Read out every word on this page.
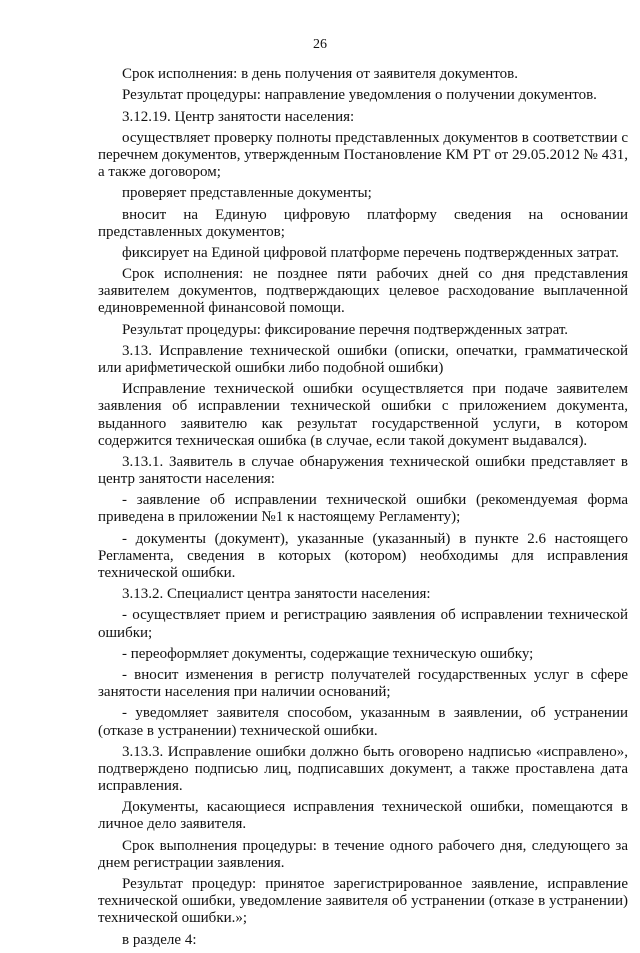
26

Срок исполнения: в день получения от заявителя документов.

Результат процедуры: направление уведомления о получении документов.

3.12.19. Центр занятости населения:

осуществляет проверку полноты представленных документов в соответствии с перечнем документов, утвержденным Постановление КМ РТ от 29.05.2012 № 431, а также договором;

проверяет представленные документы;

вносит на Единую цифровую платформу сведения на основании представленных документов;

фиксирует на Единой цифровой платформе перечень подтвержденных затрат.

Срок исполнения: не позднее пяти рабочих дней со дня представления заявителем документов, подтверждающих целевое расходование выплаченной единовременной финансовой помощи.

Результат процедуры: фиксирование перечня подтвержденных затрат.

3.13. Исправление технической ошибки (описки, опечатки, грамматической или арифметической ошибки либо подобной ошибки)

Исправление технической ошибки осуществляется при подаче заявителем заявления об исправлении технической ошибки с приложением документа, выданного заявителю как результат государственной услуги, в котором содержится техническая ошибка (в случае, если такой документ выдавался).

3.13.1. Заявитель в случае обнаружения технической ошибки представляет в центр занятости населения:

- заявление об исправлении технической ошибки (рекомендуемая форма приведена в приложении №1 к настоящему Регламенту);

- документы (документ), указанные (указанный) в пункте 2.6 настоящего Регламента, сведения в которых (котором) необходимы для исправления технической ошибки.

3.13.2. Специалист центра занятости населения:

- осуществляет прием и регистрацию заявления об исправлении технической ошибки;

- переоформляет документы, содержащие техническую ошибку;

- вносит изменения в регистр получателей государственных услуг в сфере занятости населения при наличии оснований;

- уведомляет заявителя способом, указанным в заявлении, об устранении (отказе в устранении) технической ошибки.

3.13.3. Исправление ошибки должно быть оговорено надписью «исправлено», подтверждено подписью лиц, подписавших документ, а также проставлена дата исправления.

Документы, касающиеся исправления технической ошибки, помещаются в личное дело заявителя.

Срок выполнения процедуры: в течение одного рабочего дня, следующего за днем регистрации заявления.

Результат процедур: принятое зарегистрированное заявление, исправление технической ошибки, уведомление заявителя об устранении (отказе в устранении) технической ошибки.»;

в разделе 4:
